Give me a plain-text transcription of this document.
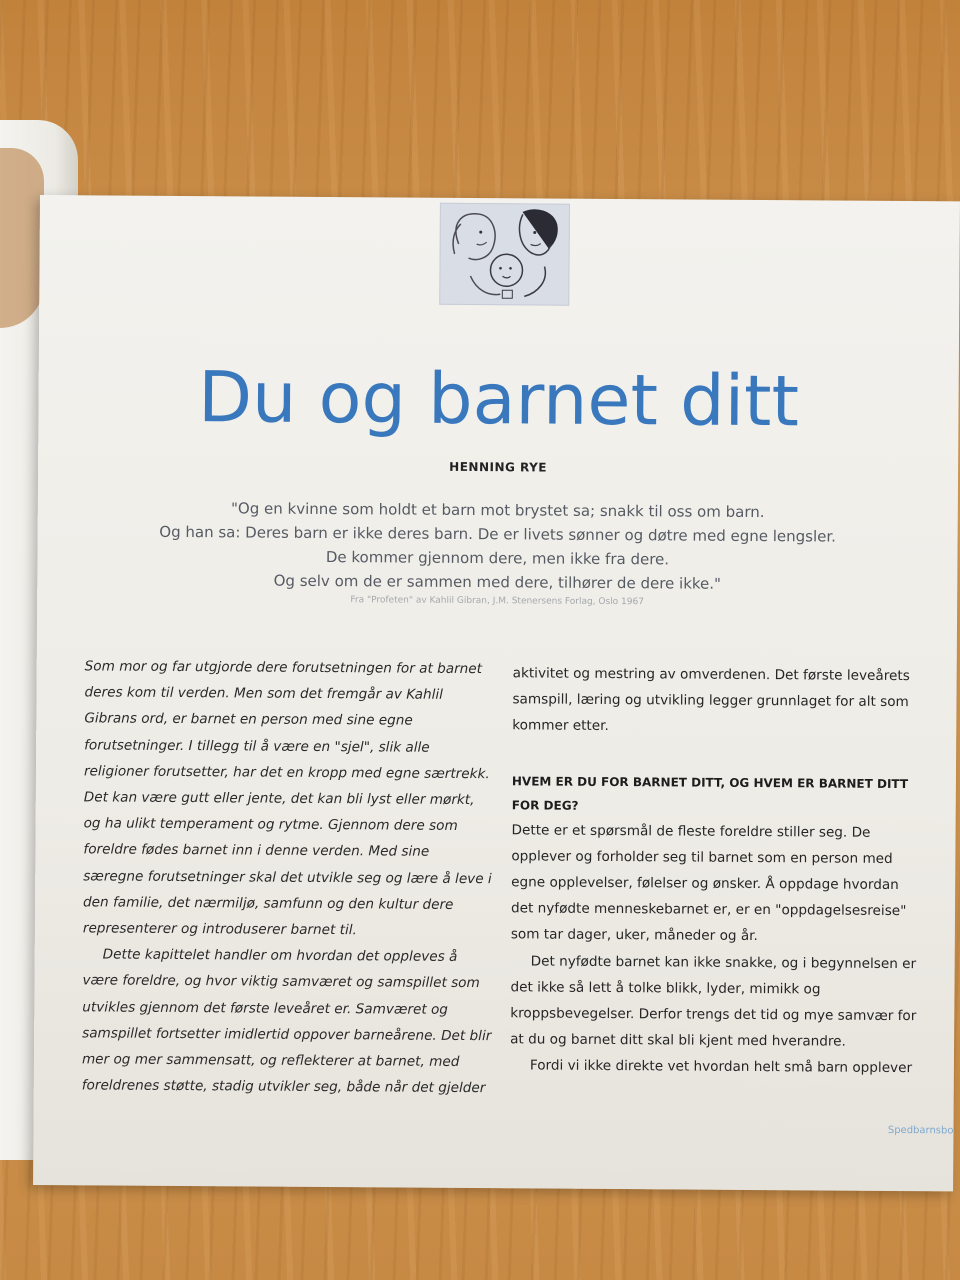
Du og barnet ditt
HENNING RYE
"Og en kvinne som holdt et barn mot brystet sa; snakk til oss om barn.
Og han sa: Deres barn er ikke deres barn. De er livets sønner og døtre med egne lengsler.
De kommer gjennom dere, men ikke fra dere.
Og selv om de er sammen med dere, tilhører de dere ikke."
Fra "Profeten" av Kahlil Gibran, J.M. Stenersens Forlag, Oslo 1967

Som mor og far utgjorde dere forutsetningen for at barnet deres kom til verden. Men som det fremgår av Kahlil Gibrans ord, er barnet en person med sine egne forutsetninger. I tillegg til å være en "sjel", slik alle religioner forutsetter, har det en kropp med egne særtrekk. Det kan være gutt eller jente, det kan bli lyst eller mørkt, og ha ulikt temperament og rytme. Gjennom dere som foreldre fødes barnet inn i denne verden. Med sine særegne forutsetninger skal det utvikle seg og lære å leve i den familie, det nærmiljø, samfunn og den kultur dere representerer og introduserer barnet til.

Dette kapittelet handler om hvordan det oppleves å være foreldre, og hvor viktig samværet og samspillet som utvikles gjennom det første leveåret er. Samværet og samspillet fortsetter imidlertid oppover barneårene. Det blir mer og mer sammensatt, og reflekterer at barnet, med foreldrenes støtte, stadig utvikler seg, både når det gjelder

aktivitet og mestring av omverdenen. Det første leveårets samspill, læring og utvikling legger grunnlaget for alt som kommer etter.

HVEM ER DU FOR BARNET DITT, OG HVEM ER BARNET DITT FOR DEG?

Dette er et spørsmål de fleste foreldre stiller seg. De opplever og forholder seg til barnet som en person med egne opplevelser, følelser og ønsker. Å oppdage hvordan det nyfødte menneskebarnet er, er en "oppdagelsesreise" som tar dager, uker, måneder og år.

Det nyfødte barnet kan ikke snakke, og i begynnelsen er det ikke så lett å tolke blikk, lyder, mimikk og kroppsbevegelser. Derfor trengs det tid og mye samvær for at du og barnet ditt skal bli kjent med hverandre.

Fordi vi ikke direkte vet hvordan helt små barn opplever

Spedbarnsbo
